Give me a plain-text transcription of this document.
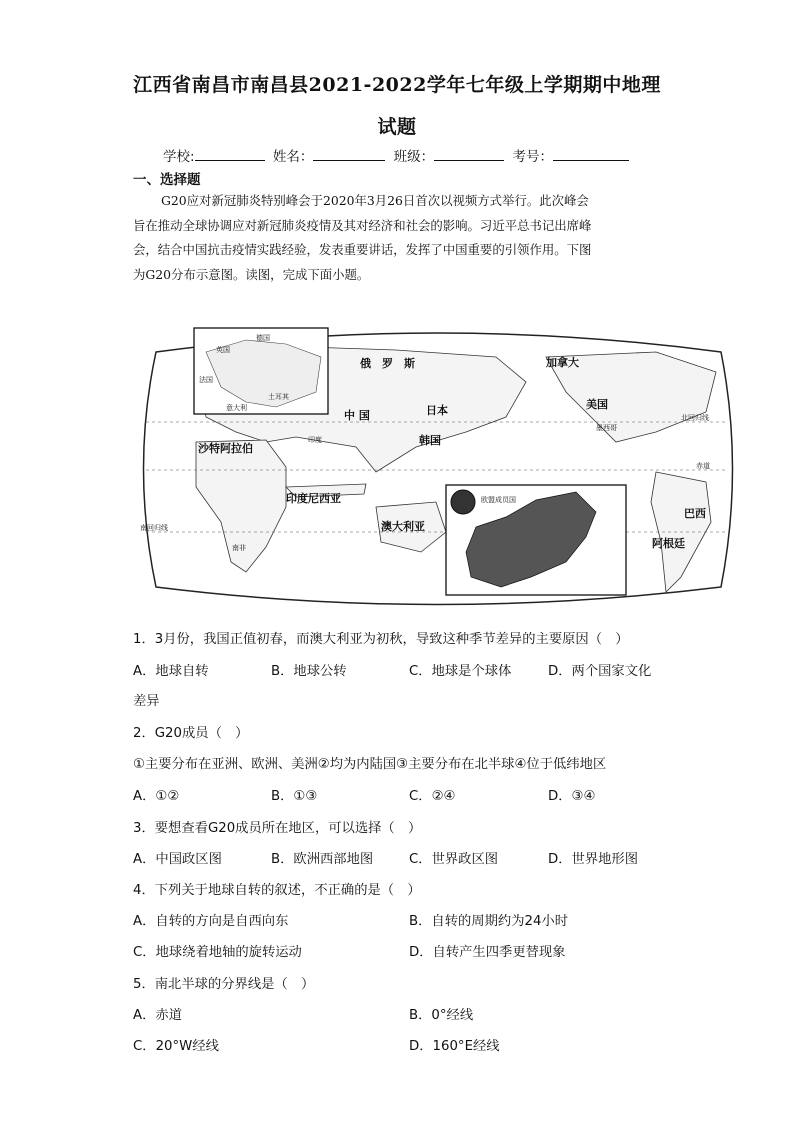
江西省南昌市南昌县2021-2022学年七年级上学期期中地理
试题
学校:	姓名：	班级：	考号：
一、选择题
G20应对新冠肺炎特别峰会于2020年3月26日首次以视频方式举行。此次峰会
旨在推动全球协调应对新冠肺炎疫情及其对经济和社会的影响。习近平总书记出席峰
会，结合中国抗击疫情实践经验，发表重要讲话，发挥了中国重要的引领作用。下图
为G20分布示意图。读图，完成下面小题。
北回归线
赤道
南回归线
英国
德国
法国
意大利
土耳其
俄　罗　斯	加拿大
美国
墨西哥
中 国	日本
韩国
印度
沙特阿拉伯
印度尼西亚
澳大利亚
南非
巴西
阿根廷
欧盟成员国
1．3月份，我国正值初春，而澳大利亚为初秋，导致这种季节差异的主要原因（　）
A．地球自转	B．地球公转	C．地球是个球体	D．两个国家文化
差异
2．G20成员（　）
①主要分布在亚洲、欧洲、美洲②均为内陆国③主要分布在北半球④位于低纬地区
A．①②	B．①③	C．②④	D．③④
3．要想查看G20成员所在地区，可以选择（　）
A．中国政区图	B．欧洲西部地图	C．世界政区图	D．世界地形图
4．下列关于地球自转的叙述，不正确的是（　）
A．自转的方向是自西向东	B．自转的周期约为24小时
C．地球绕着地轴的旋转运动	D．自转产生四季更替现象
5．南北半球的分界线是（　）
A．赤道	B．0°经线
C．20°W经线	D．160°E经线
